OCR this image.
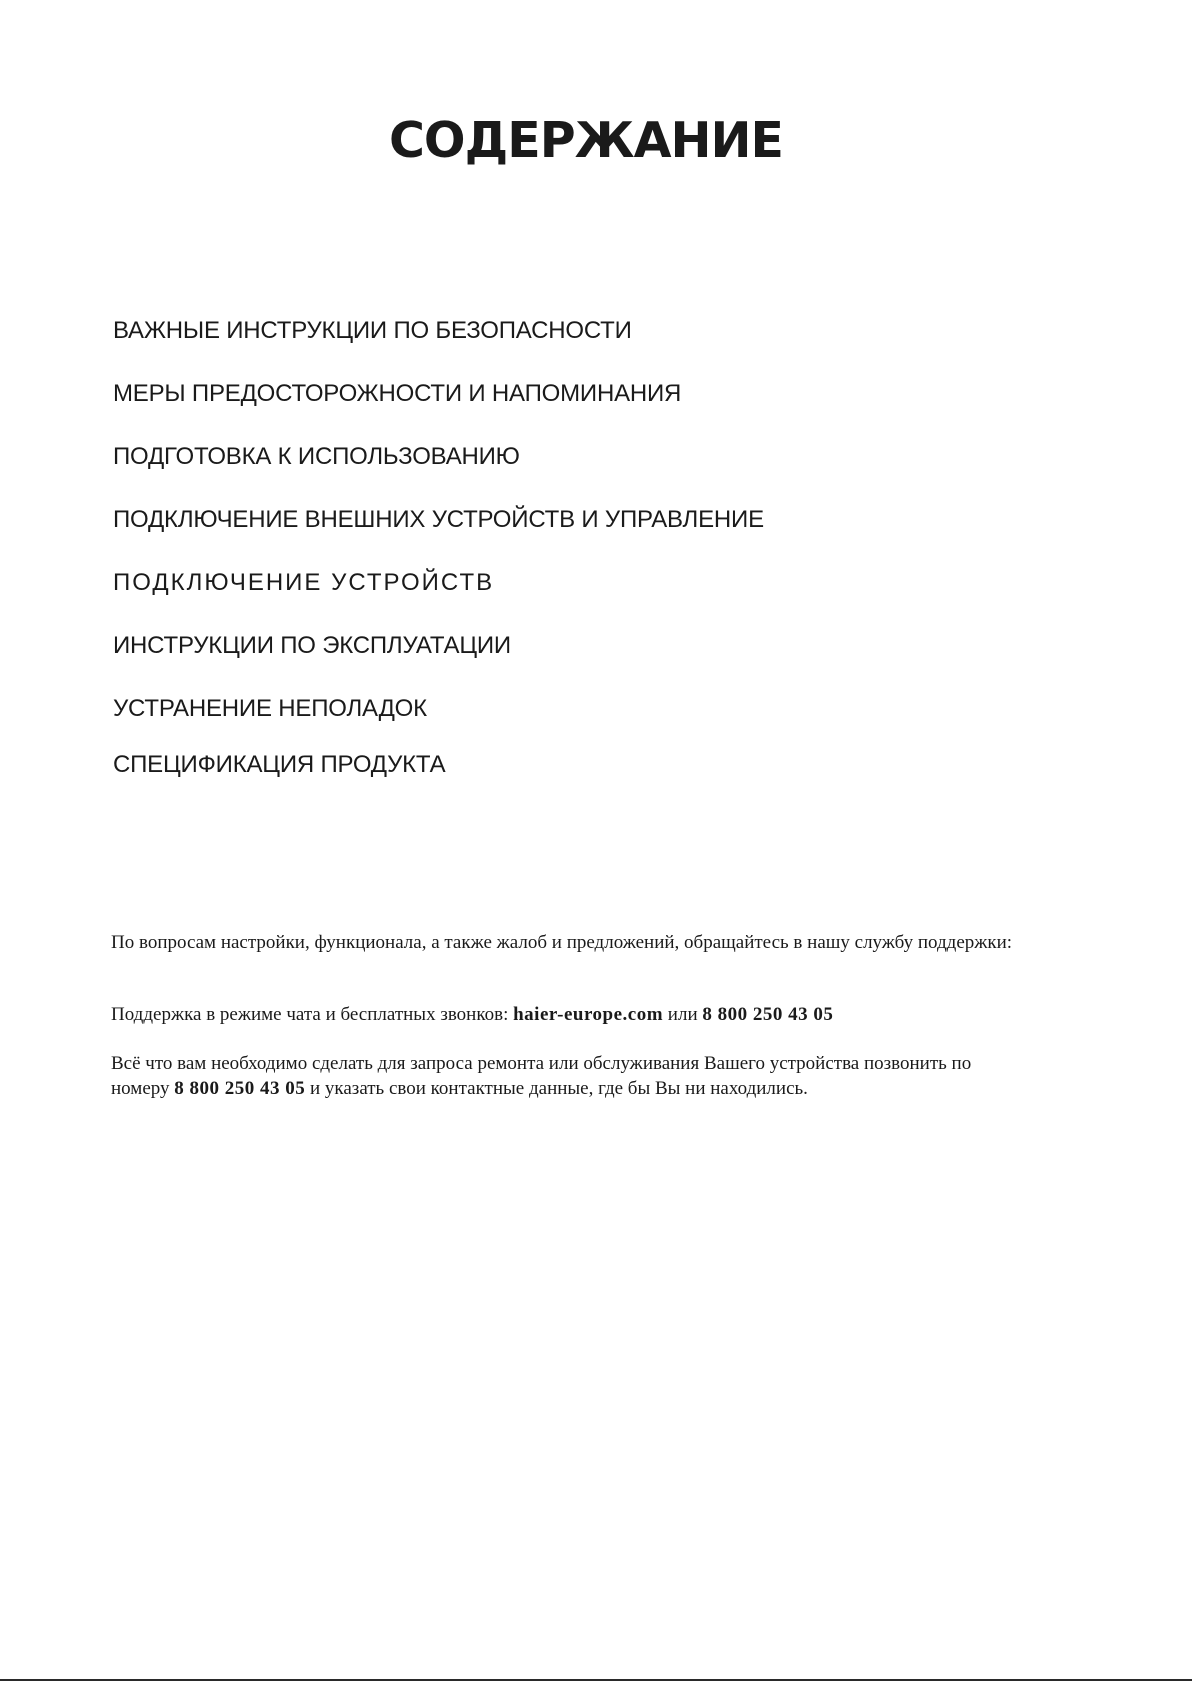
СОДЕРЖАНИЕ
ВАЖНЫЕ ИНСТРУКЦИИ ПО БЕЗОПАСНОСТИ
МЕРЫ ПРЕДОСТОРОЖНОСТИ И НАПОМИНАНИЯ
ПОДГОТОВКА К ИСПОЛЬЗОВАНИЮ
ПОДКЛЮЧЕНИЕ ВНЕШНИХ УСТРОЙСТВ И УПРАВЛЕНИЕ
ПОДКЛЮЧЕНИЕ УСТРОЙСТВ
ИНСТРУКЦИИ ПО ЭКСПЛУАТАЦИИ
УСТРАНЕНИЕ НЕПОЛАДОК
СПЕЦИФИКАЦИЯ ПРОДУКТА
По вопросам настройки, функционала, а также жалоб и предложений, обращайтесь в нашу службу поддержки:
Поддержка в режиме чата и бесплатных звонков: haier-europe.com или 8 800 250 43 05
Всё что вам необходимо сделать для запроса ремонта или обслуживания Вашего устройства позвонить по
номеру 8 800 250 43 05 и указать свои контактные данные, где бы Вы ни находились.
